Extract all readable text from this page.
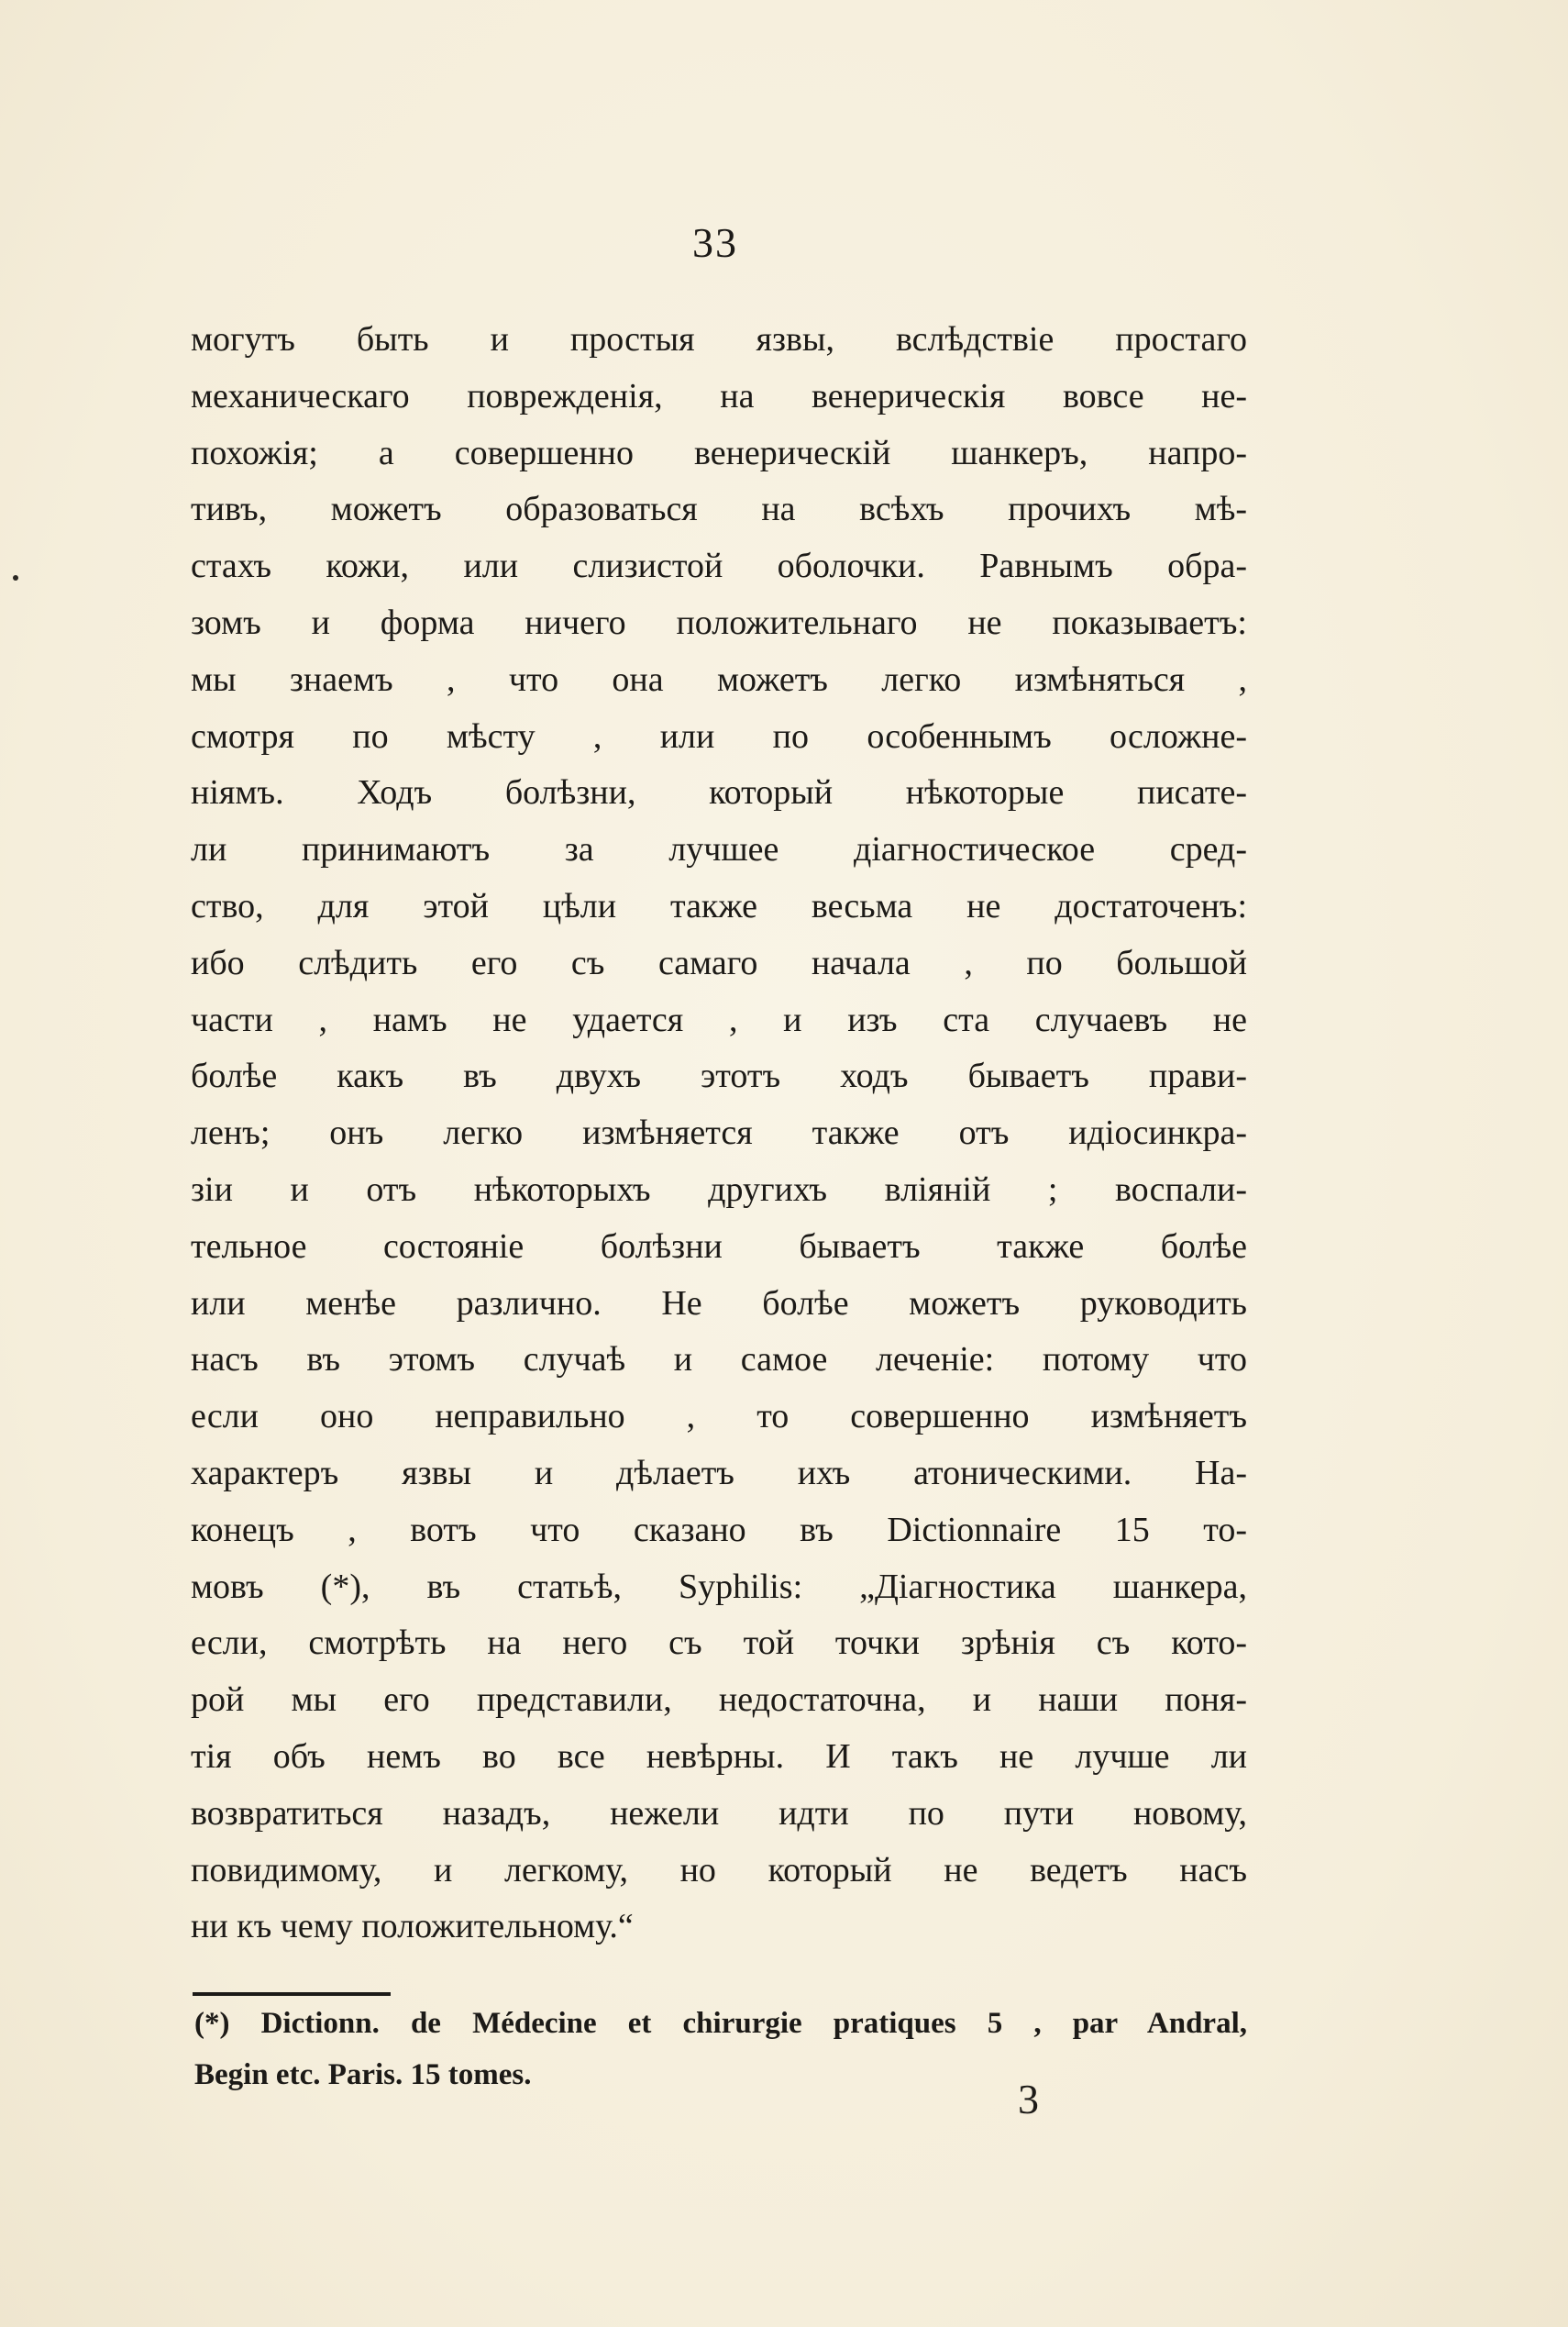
33
могутъ быть и простыя язвы, вслѣдствіе простаго
механическаго поврежденія, на венерическія вовсе не-
похожія; а совершенно венерическій шанкеръ, напро-
тивъ, можетъ образоваться на всѣхъ прочихъ мѣ-
стахъ кожи, или слизистой оболочки. Равнымъ обра-
зомъ и форма ничего положительнаго не показываетъ:
мы знаемъ , что она можетъ легко измѣняться ,
смотря по мѣсту , или по особеннымъ осложне-
ніямъ. Ходъ болѣзни, который нѣкоторые писате-
ли принимаютъ за лучшее діагностическое сред-
ство, для этой цѣли также весьма не достаточенъ:
ибо слѣдить его съ самаго начала , по большой
части , намъ не удается , и изъ ста случаевъ не
болѣе какъ въ двухъ этотъ ходъ бываетъ прави-
ленъ; онъ легко измѣняется также отъ идіосинкра-
зіи и отъ нѣкоторыхъ другихъ вліяній ; воспали-
тельное состояніе болѣзни бываетъ также болѣе
или менѣе различно. Не болѣе можетъ руководить
насъ въ этомъ случаѣ и самое леченіе: потому что
если оно неправильно , то совершенно измѣняетъ
характеръ язвы и дѣлаетъ ихъ атоническими. На-
конецъ , вотъ что сказано въ Dictionnaire 15 то-
мовъ (*), въ статьѣ, Syphilis: „Діагностика шанкера,
если, смотрѣть на него съ той точки зрѣнія съ кото-
рой мы его представили, недостаточна, и наши поня-
тія объ немъ во все невѣрны. И такъ не лучше ли
возвратиться назадъ, нежели идти по пути новому,
повидимому, и легкому, но который не ведетъ насъ
ни къ чему положительному.“
(*) Dictionn. de Médecine et chirurgie pratiques 5 , par Andral,
Begin etc. Paris. 15 tomes.
3
